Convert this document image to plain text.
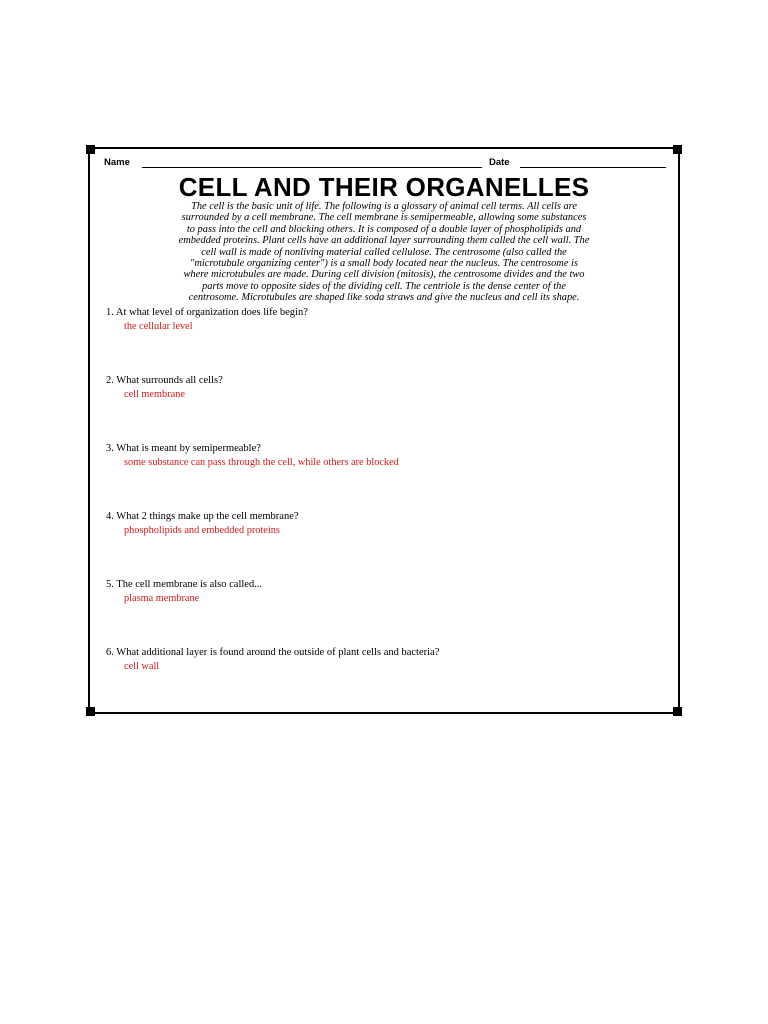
Name	Date
CELL AND THEIR ORGANELLES
The cell is the basic unit of life. The following is a glossary of animal cell terms. All cells are
surrounded by a cell membrane. The cell membrane is semipermeable, allowing some substances
to pass into the cell and blocking others. It is composed of a double layer of phospholipids and
embedded proteins. Plant cells have an additional layer surrounding them called the cell wall. The
cell wall is made of nonliving material called cellulose. The centrosome (also called the
"microtubule organizing center") is a small body located near the nucleus. The centrosome is
where microtubules are made. During cell division (mitosis), the centrosome divides and the two
parts move to opposite sides of the dividing cell. The centriole is the dense center of the
centrosome. Microtubules are shaped like soda straws and give the nucleus and cell its shape.
1. At what level of organization does life begin?
the cellular level
2. What surrounds all cells?
cell membrane
3. What is meant by semipermeable?
some substance can pass through the cell, while others are blocked
4. What 2 things make up the cell membrane?
phospholipids and embedded proteins
5. The cell membrane is also called...
plasma membrane
6. What additional layer is found around the outside of plant cells and bacteria?
cell wall
